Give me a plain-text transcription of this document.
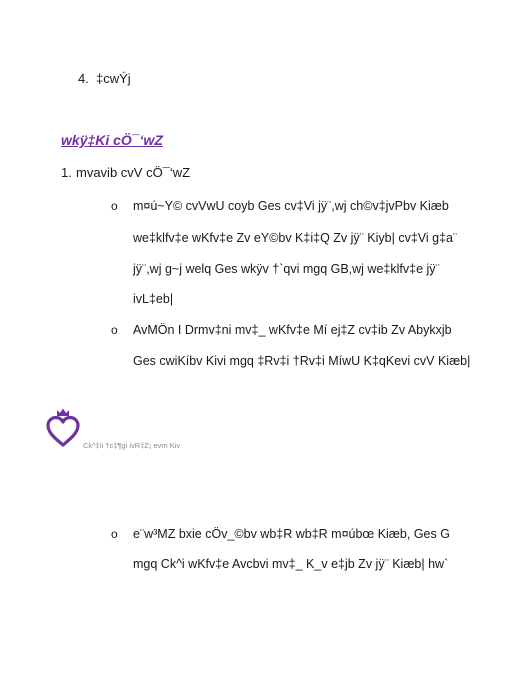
4. ‡cwÝj
wkÿ‡Ki cÖ¯‘wZ
1. mvavib cvV cÖ¯‘wZ
o m¤ú~Y© cvVwU coyb Ges cv‡Vi jÿ¨,wj ch©v‡jvPbv Kiæb
we‡klfv‡e wKfv‡e Zv eY©bv K‡i‡Q Zv jÿ¨ Kiyb| cv‡Vi g‡a¨
jÿ¨,wj g~j welq Ges wkÿv †`qvi mgq GB,wj we‡klfv‡e jÿ¨
ivL‡eb|
o AvMÖn I Drmv‡ni mv‡_ wKfv‡e Mí ej‡Z cv‡ib Zv Abykxjb
Ges cwiKíbv Kivi mgq ‡Rv‡i †Rv‡i MíwU K‡qKevi cvV Kiæb|
Ck^‡ii †c‡¶gi ivR‡Z¡ evm Kiv
o e¨w³MZ bxie cÖv_©bv wb‡R wb‡R m¤úbœ Kiæb, Ges G
mgq Ck^i wKfv‡e Avcbvi mv‡_ K_v e‡jb Zv jÿ¨ Kiæb| hw`
